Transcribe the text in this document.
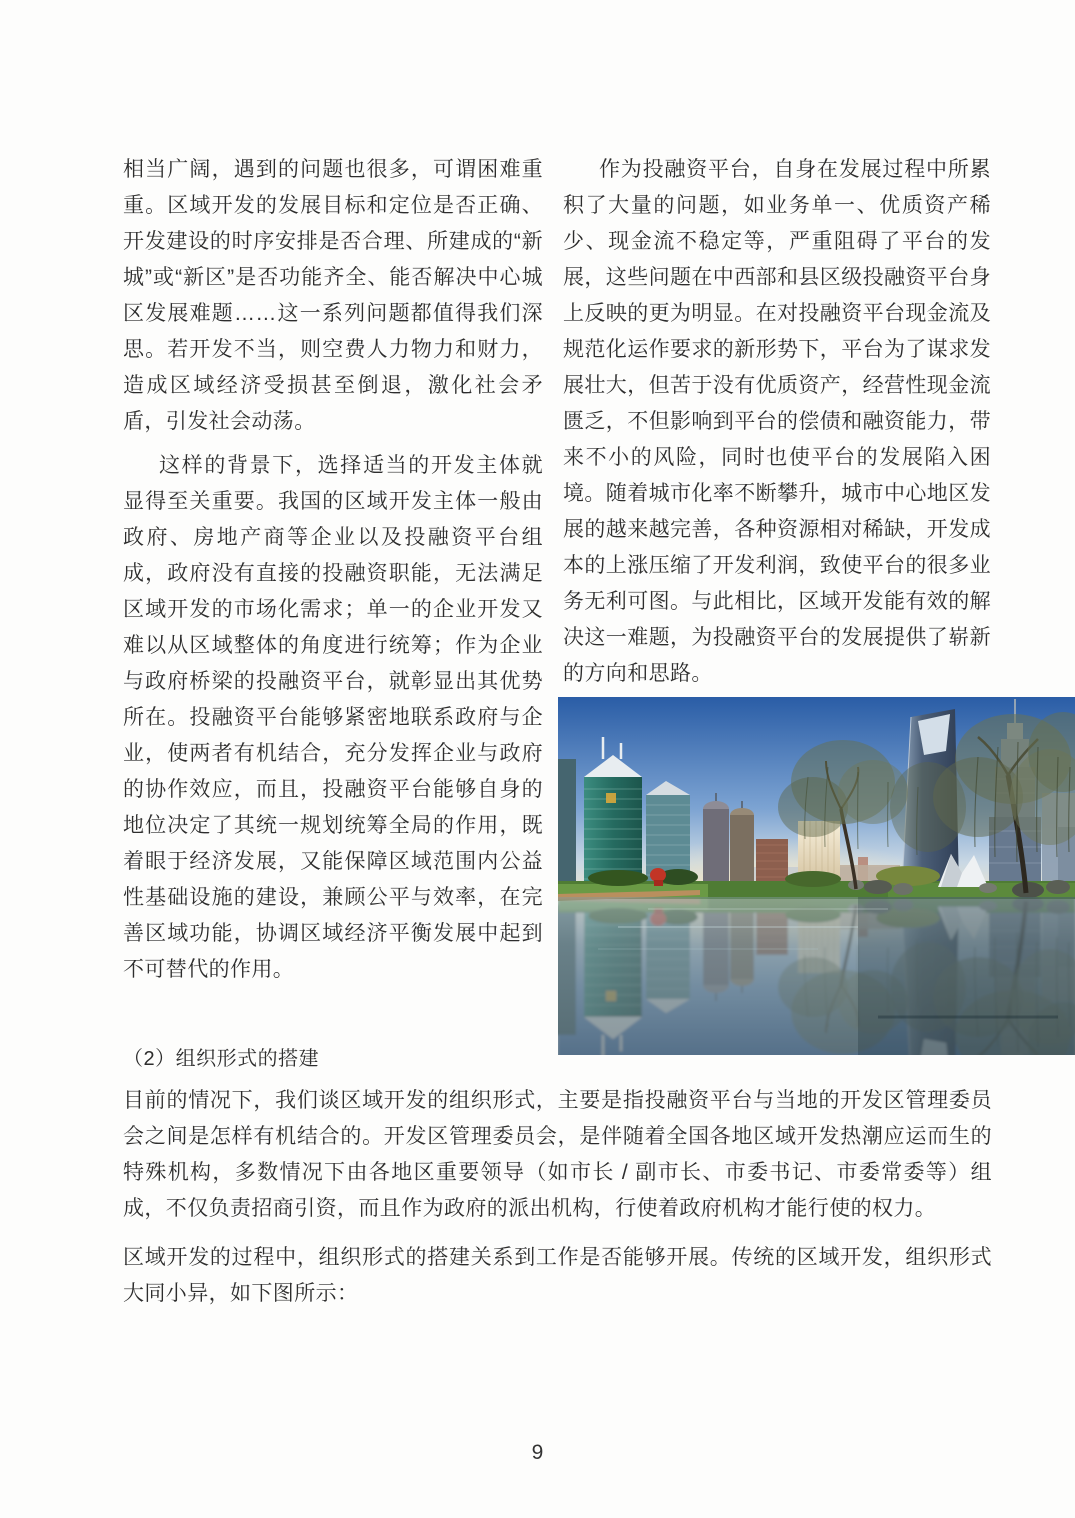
相当广阔，遇到的问题也很多，可谓困难重重。区域开发的发展目标和定位是否正确、开发建设的时序安排是否合理、所建成的“新城”或“新区”是否功能齐全、能否解决中心城区发展难题……这一系列问题都值得我们深思。若开发不当，则空费人力物力和财力，造成区域经济受损甚至倒退，激化社会矛盾，引发社会动荡。

这样的背景下，选择适当的开发主体就显得至关重要。我国的区域开发主体一般由政府、房地产商等企业以及投融资平台组成，政府没有直接的投融资职能，无法满足区域开发的市场化需求；单一的企业开发又难以从区域整体的角度进行统筹；作为企业与政府桥梁的投融资平台，就彰显出其优势所在。投融资平台能够紧密地联系政府与企业，使两者有机结合，充分发挥企业与政府的协作效应，而且，投融资平台能够自身的地位决定了其统一规划统筹全局的作用，既着眼于经济发展，又能保障区域范围内公益性基础设施的建设，兼顾公平与效率，在完善区域功能，协调区域经济平衡发展中起到不可替代的作用。

作为投融资平台，自身在发展过程中所累积了大量的问题，如业务单一、优质资产稀少、现金流不稳定等，严重阻碍了平台的发展，这些问题在中西部和县区级投融资平台身上反映的更为明显。在对投融资平台现金流及规范化运作要求的新形势下，平台为了谋求发展壮大，但苦于没有优质资产，经营性现金流匮乏，不但影响到平台的偿债和融资能力，带来不小的风险，同时也使平台的发展陷入困境。随着城市化率不断攀升，城市中心地区发展的越来越完善，各种资源相对稀缺，开发成本的上涨压缩了开发利润，致使平台的很多业务无利可图。与此相比，区域开发能有效的解决这一难题，为投融资平台的发展提供了崭新的方向和思路。

（2）组织形式的搭建

目前的情况下，我们谈区域开发的组织形式，主要是指投融资平台与当地的开发区管理委员会之间是怎样有机结合的。开发区管理委员会，是伴随着全国各地区域开发热潮应运而生的特殊机构，多数情况下由各地区重要领导（如市长 / 副市长、市委书记、市委常委等）组成，不仅负责招商引资，而且作为政府的派出机构，行使着政府机构才能行使的权力。

区域开发的过程中，组织形式的搭建关系到工作是否能够开展。传统的区域开发，组织形式大同小异，如下图所示：

9
